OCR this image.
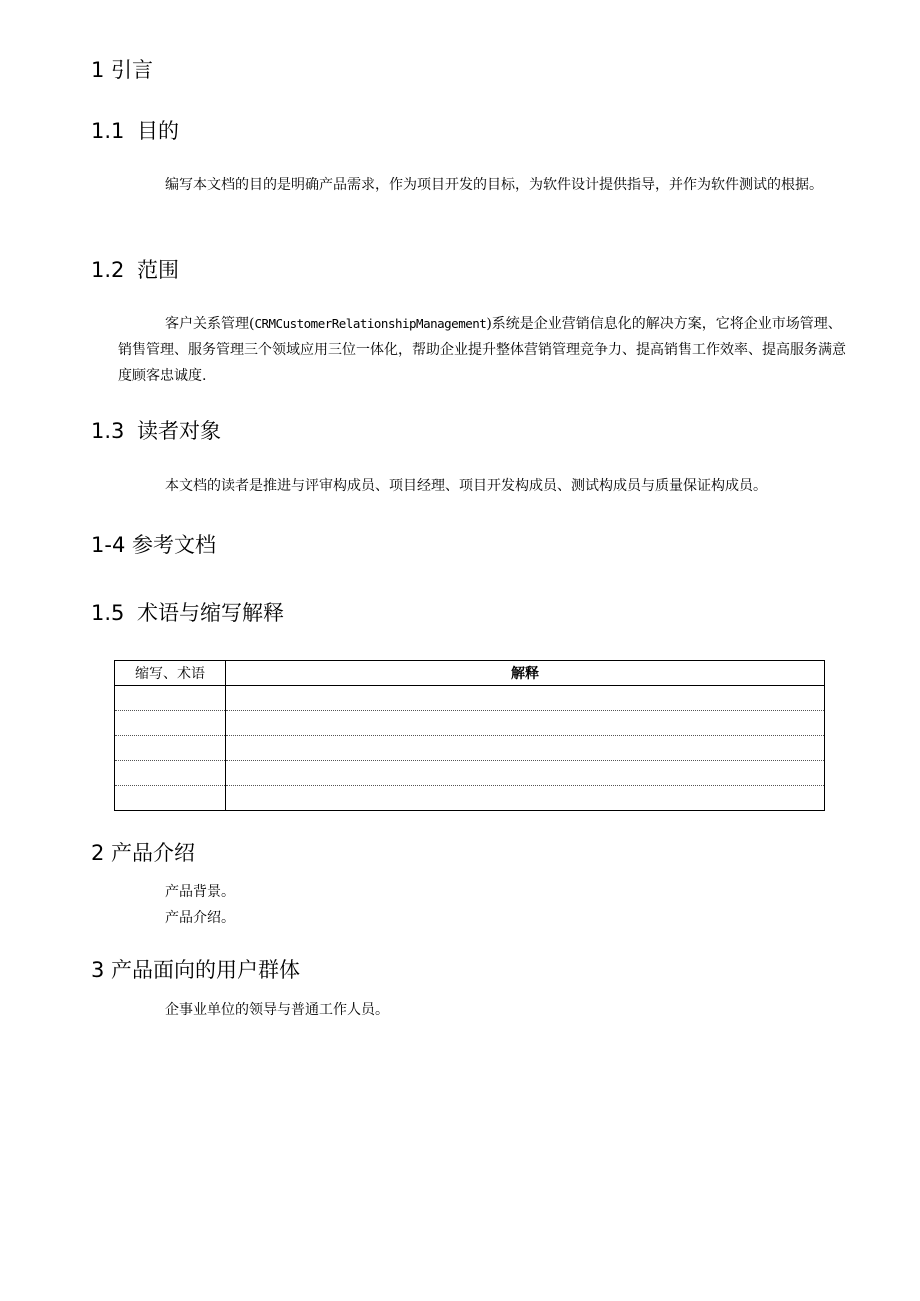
1 引言
1.1 目的

编写本文档的目的是明确产品需求，作为项目开发的目标，为软件设计提供指导，并作为软件测试的根据。

1.2 范围

客户关系管理(CRMCustomerRelationshipManagement)系统是企业营销信息化的解决方案，它将企业市场管理、销售管理、服务管理三个领域应用三位一体化，帮助企业提升整体营销管理竞争力、提高销售工作效率、提高服务满意度顾客忠诚度.

1.3 读者对象

本文档的读者是推进与评审构成员、项目经理、项目开发构成员、测试构成员与质量保证构成员。

1-4 参考文档
1.5 术语与缩写解释
缩写、术语	解释

2 产品介绍

产品背景。

产品介绍。

3 产品面向的用户群体

企事业单位的领导与普通工作人员。
